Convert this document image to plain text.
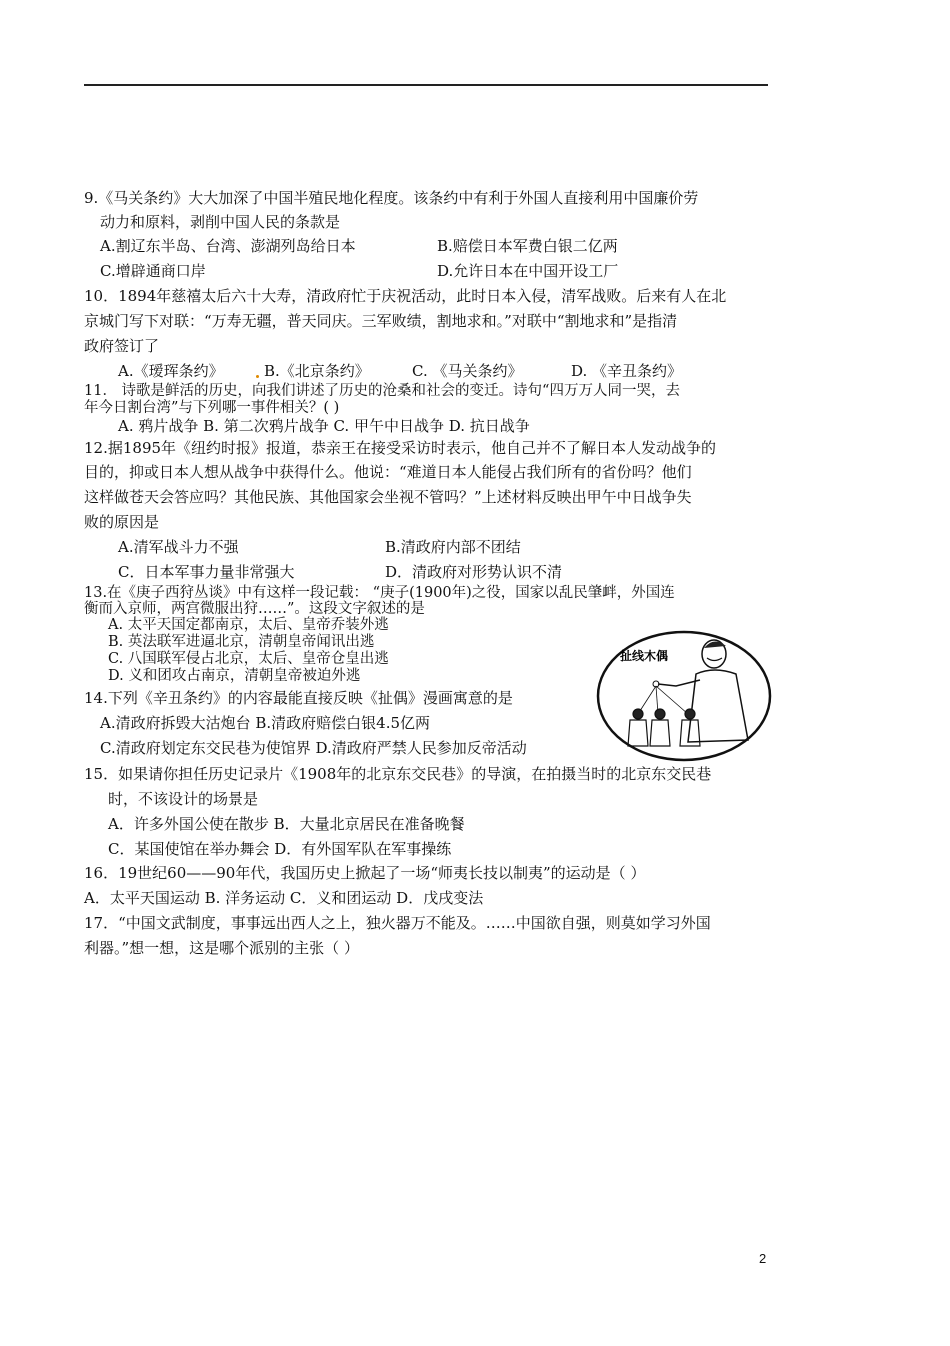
9.《马关条约》大大加深了中国半殖民地化程度。该条约中有利于外国人直接利用中国廉价劳
动力和原料，剥削中国人民的条款是
A.割辽东半岛、台湾、澎湖列岛给日本	B.赔偿日本军费白银二亿两
C.增辟通商口岸	D.允许日本在中国开设工厂
10．1894年慈禧太后六十大寿，清政府忙于庆祝活动，此时日本入侵，清军战败。后来有人在北
京城门写下对联：“万寿无疆，普天同庆。三军败绩，割地求和。”对联中“割地求和”是指清
政府签订了
A.《瑷珲条约》	B.《北京条约》	C. 《马关条约》	D. 《辛丑条约》
11． 诗歌是鲜活的历史，向我们讲述了历史的沧桑和社会的变迁。诗句“四万万人同一哭，去
年今日割台湾”与下列哪一事件相关？( )
A. 鸦片战争 B. 第二次鸦片战争 C. 甲午中日战争 D. 抗日战争
12.据1895年《纽约时报》报道，恭亲王在接受采访时表示，他自己并不了解日本人发动战争的
目的，抑或日本人想从战争中获得什么。他说：“难道日本人能侵占我们所有的省份吗？他们
这样做苍天会答应吗？其他民族、其他国家会坐视不管吗？”上述材料反映出甲午中日战争失
败的原因是
A.清军战斗力不强	B.清政府内部不团结
C．日本军事力量非常强大	D．清政府对形势认识不清
13.在《庚子西狩丛谈》中有这样一段记载： “庚子(1900年)之役，国家以乱民肇衅，外国连
衡而入京师，两宫微服出狩……”。这段文字叙述的是
A. 太平天国定都南京，太后、皇帝乔装外逃
B. 英法联军进逼北京，清朝皇帝闻讯出逃
C. 八国联军侵占北京，太后、皇帝仓皇出逃
D. 义和团攻占南京，清朝皇帝被迫外逃
扯线木偶
14.下列《辛丑条约》的内容最能直接反映《扯偶》漫画寓意的是
A.清政府拆毁大沽炮台 B.清政府赔偿白银4.5亿两
C.清政府划定东交民巷为使馆界 D.清政府严禁人民参加反帝活动
15．如果请你担任历史记录片《1908年的北京东交民巷》的导演，在拍摄当时的北京东交民巷
时，不该设计的场景是
A．许多外国公使在散步 B．大量北京居民在准备晚餐
C．某国使馆在举办舞会 D．有外国军队在军事操练
16．19世纪60——90年代，我国历史上掀起了一场“师夷长技以制夷”的运动是（ ）
A．太平天国运动 B. 洋务运动 C．义和团运动 D．戊戌变法
17．“中国文武制度，事事远出西人之上，独火器万不能及。……中国欲自强，则莫如学习外国
利器。”想一想，这是哪个派别的主张（ ）
2
